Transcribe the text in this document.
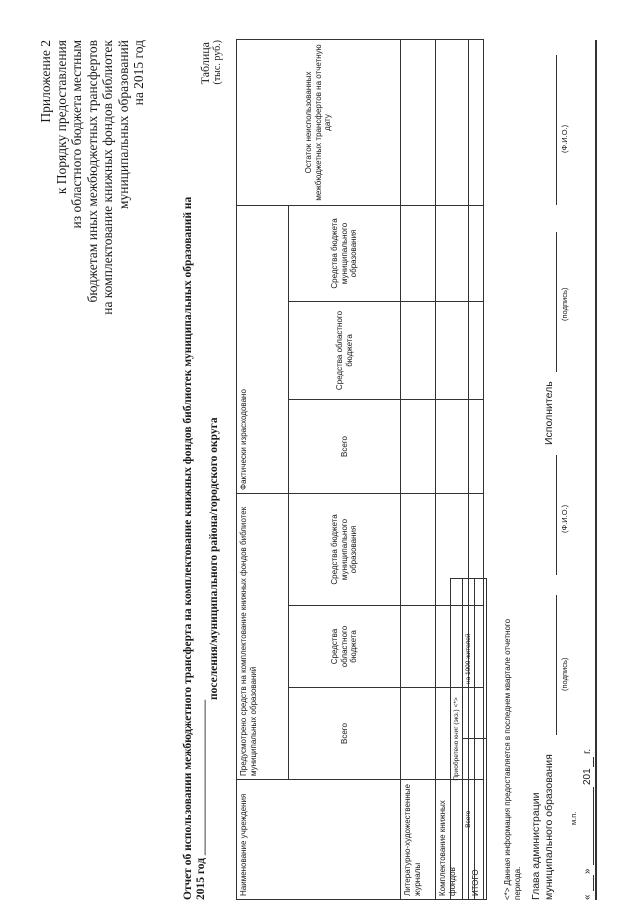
Приложение 2 к Порядку предоставления из областного бюджета местным бюджетам иных межбюджетных трансфертов на комплектование книжных фондов библиотек муниципальных образований на 2015 год	Таблица (тыс. руб.)
Отчет об использовании межбюджетного трансферта на комплектование книжных фондов библиотек муниципальных образований на 2015 год ___________________________
поселения/муниципального района/городского округа
Наименование учреждения	Предусмотрено средств на комплектование книжных фондов библиотек муниципальных образований			Фактически израсходовано			Остаток неиспользованных межбюджетных трансфертов на отчетную дату
	Всего	Средства областного бюджета	Средства бюджета муниципального образования	Всего	Средства областного бюджета	Средства бюджета муниципального образования	
Литературно-художественные журналы							
Комплектование книжных фондов							
ИТОГО							
Приобретено книг (экз.) <*>	
Всего	на 1000 жителей
		<*> Данная информация предоставляется в последнем квартале отчетного периода. Глава администрации муниципального образования
(подпись)
(Ф.И.О.)
Исполнитель
(подпись)
(Ф.И.О.)
м.п.
«
»
201
г.
